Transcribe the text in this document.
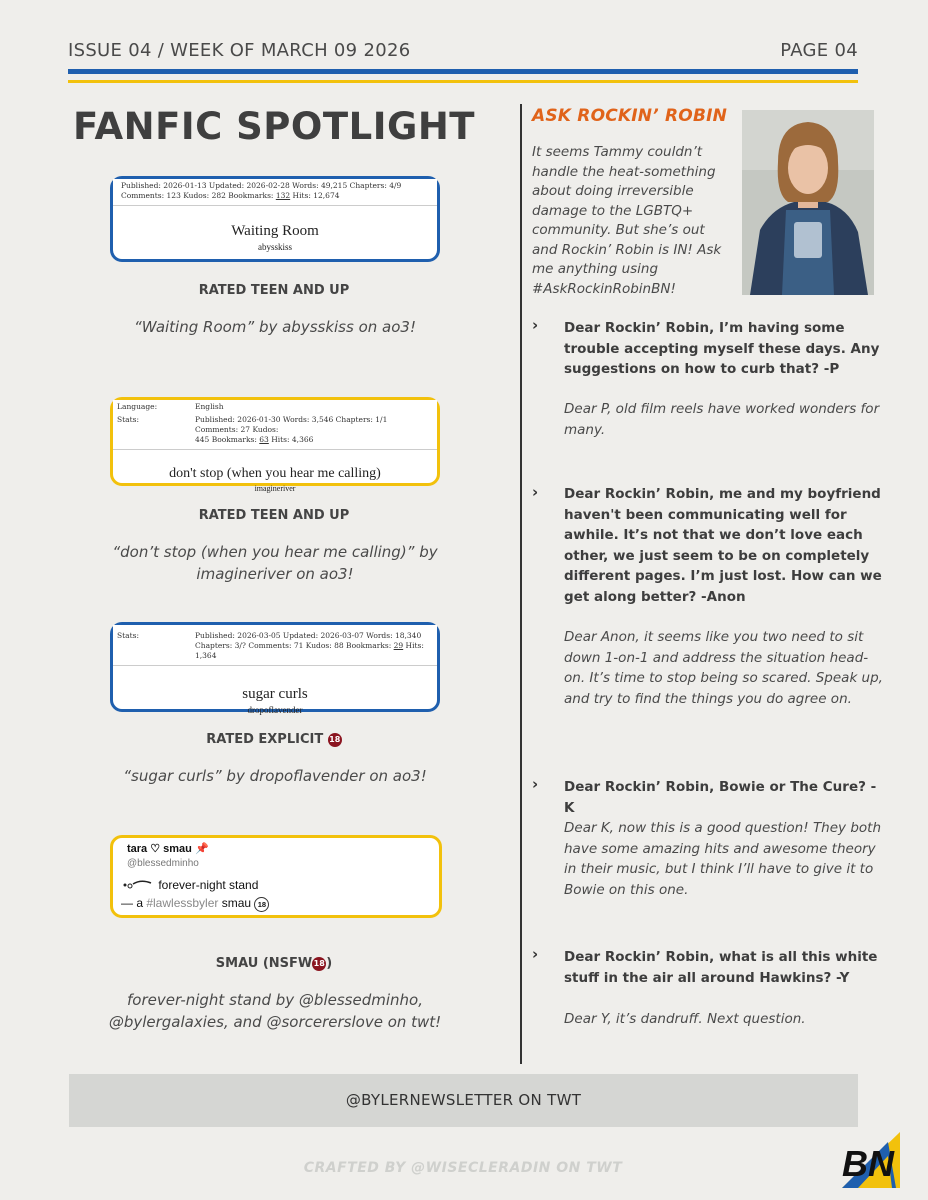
ISSUE 04 / WEEK OF MARCH 09 2026	PAGE 04
FANFIC SPOTLIGHT
Published: 2026-01-13 Updated: 2026-02-28 Words: 49,215 Chapters: 4/9
Comments: 123 Kudos: 282 Bookmarks: 132 Hits: 12,674
Waiting Room
abysskiss
RATED TEEN AND UP
“Waiting Room” by abysskiss on ao3!
Language:	English
Stats:	Published: 2026-01-30 Words: 3,546 Chapters: 1/1 Comments: 27 Kudos:
445 Bookmarks: 63 Hits: 4,366
don't stop (when you hear me calling)
imagineriver
RATED TEEN AND UP
“don’t stop (when you hear me calling)” by imagineriver on ao3!
Stats:	Published: 2026-03-05 Updated: 2026-03-07 Words: 18,340
Chapters: 3/? Comments: 71 Kudos: 88 Bookmarks: 29 Hits: 1,364
sugar curls
dropoflavender
RATED EXPLICIT 18
“sugar curls” by dropoflavender on ao3!
tara ♡ smau 📌
@blessedminho
forever-night stand
— a #lawlessbyler smau 18
SMAU (NSFW18)
forever-night stand by @blessedminho, @bylergalaxies, and @sorcererslove on twt!
ASK ROCKIN’ ROBIN
It seems Tammy couldn’t handle the heat-something about doing irreversible damage to the LGBTQ+ community. But she’s out and Rockin’ Robin is IN! Ask me anything using #AskRockinRobinBN!
› Dear Rockin’ Robin, I’m having some trouble accepting myself these days. Any suggestions on how to curb that? -P
Dear P, old film reels have worked wonders for many.
› Dear Rockin’ Robin, me and my boyfriend haven't been communicating well for awhile. It’s not that we don’t love each other, we just seem to be on completely different pages. I’m just lost. How can we get along better? -Anon
Dear Anon, it seems like you two need to sit down 1-on-1 and address the situation head-on. It’s time to stop being so scared. Speak up, and try to find the things you do agree on.
› Dear Rockin’ Robin, Bowie or The Cure? -K
Dear K, now this is a good question! They both have some amazing hits and awesome theory in their music, but I think I’ll have to give it to Bowie on this one.
› Dear Rockin’ Robin, what is all this white stuff in the air all around Hawkins? -Y
Dear Y, it’s dandruff. Next question.
@BYLERNEWSLETTER ON TWT
CRAFTED BY @WISECLERADIN ON TWT	BN
